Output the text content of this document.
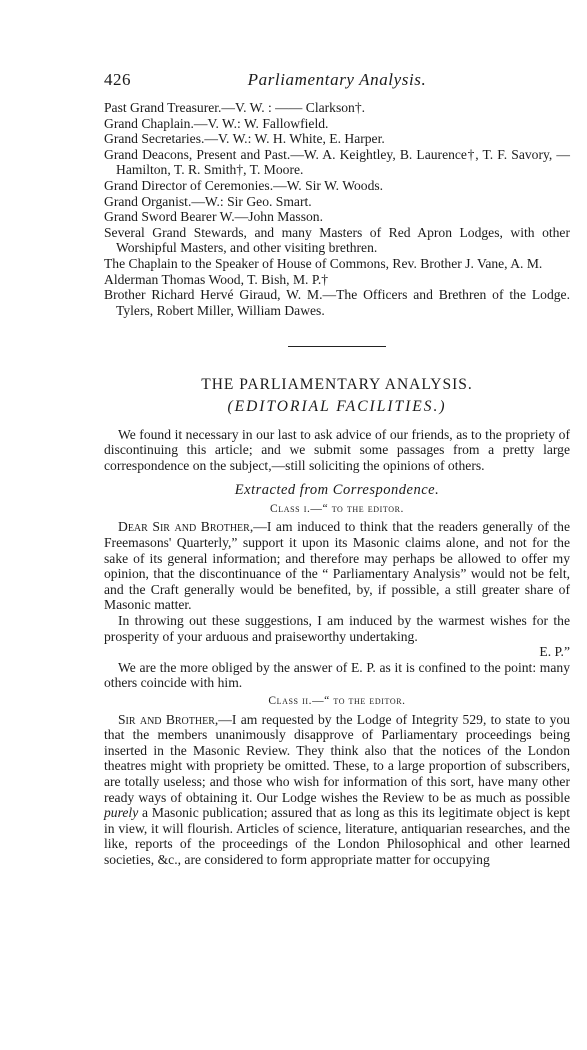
426	Parliamentary Analysis.

Past Grand Treasurer.—V. W. : —— Clarkson†.

Grand Chaplain.—V. W.: W. Fallowfield.

Grand Secretaries.—V. W.: W. H. White, E. Harper.

Grand Deacons, Present and Past.—W. A. Keightley, B. Laurence†, T. F. Savory, — Hamilton, T. R. Smith†, T. Moore.

Grand Director of Ceremonies.—W. Sir W. Woods.

Grand Organist.—W.: Sir Geo. Smart.

Grand Sword Bearer W.—John Masson.

Several Grand Stewards, and many Masters of Red Apron Lodges, with other Worshipful Masters, and other visiting brethren.

The Chaplain to the Speaker of House of Commons, Rev. Brother J. Vane, A. M.

Alderman Thomas Wood, T. Bish, M. P.†

Brother Richard Hervé Giraud, W. M.—The Officers and Brethren of the Lodge. Tylers, Robert Miller, William Dawes.

THE PARLIAMENTARY ANALYSIS.
(EDITORIAL FACILITIES.)

We found it necessary in our last to ask advice of our friends, as to the propriety of discontinuing this article; and we submit some passages from a pretty large correspondence on the subject,—still soliciting the opinions of others.

Extracted from Correspondence.
Class i.—“ to the editor.

Dear Sir and Brother,—I am induced to think that the readers generally of the Freemasons' Quarterly,” support it upon its Masonic claims alone, and not for the sake of its general information; and therefore may perhaps be allowed to offer my opinion, that the discontinuance of the “ Parliamentary Analysis” would not be felt, and the Craft generally would be benefited, by, if possible, a still greater share of Masonic matter.

In throwing out these suggestions, I am induced by the warmest wishes for the prosperity of your arduous and praiseworthy undertaking.
E. P.”

We are the more obliged by the answer of E. P. as it is confined to the point: many others coincide with him.

Class ii.—“ to the editor.

Sir and Brother,—I am requested by the Lodge of Integrity 529, to state to you that the members unanimously disapprove of Parliamentary proceedings being inserted in the Masonic Review. They think also that the notices of the London theatres might with propriety be omitted. These, to a large proportion of subscribers, are totally useless; and those who wish for information of this sort, have many other ready ways of obtaining it. Our Lodge wishes the Review to be as much as possible purely a Masonic publication; assured that as long as this its legitimate object is kept in view, it will flourish. Articles of science, literature, antiquarian researches, and the like, reports of the proceedings of the London Philosophical and other learned societies, &c., are considered to form appropriate matter for occupying
